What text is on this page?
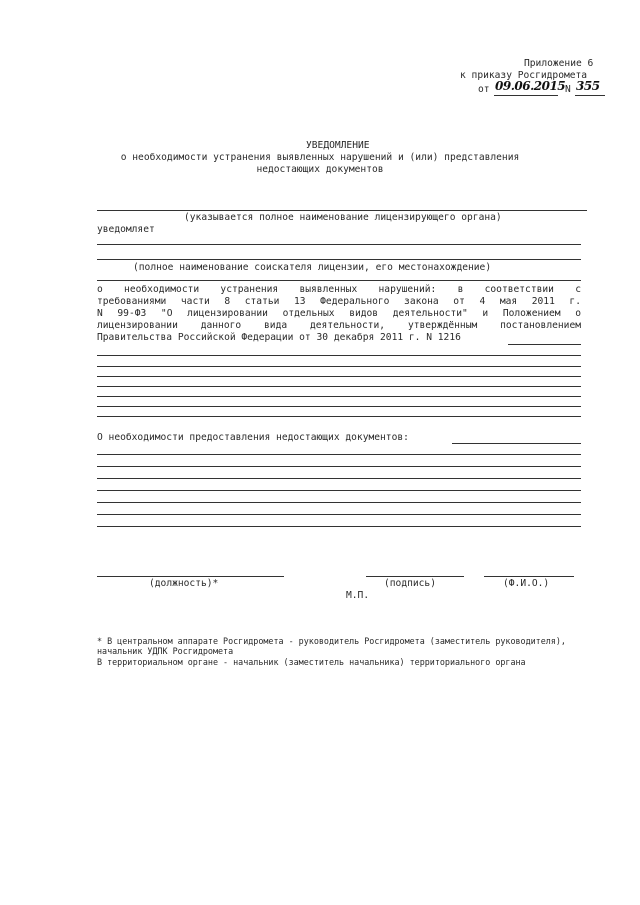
Приложение 6
к приказу Росгидромета
от 09.06.2015 N 355
УВЕДОМЛЕНИЕ
о необходимости устранения выявленных нарушений и (или) представления
недостающих документов
(указывается полное наименование лицензирующего органа)
уведомляет
(полное наименование соискателя лицензии, его местонахождение)
о необходимости устранения выявленных нарушений: в соответствии с
требованиями части 8 статьи 13 Федерального закона от 4 мая 2011 г.
N 99-ФЗ "О лицензировании отдельных видов деятельности" и Положением о
лицензировании данного вида деятельности, утверждённым постановлением
Правительства Российской Федерации от 30 декабря 2011 г. N 1216
О необходимости предоставления недостающих документов:
(должность)*	(подпись)	(Ф.И.О.)
М.П.
* В центральном аппарате Росгидромета - руководитель Росгидромета (заместитель руководителя),
начальник УДПК Росгидромета
В территориальном органе - начальник (заместитель начальника) территориального органа
